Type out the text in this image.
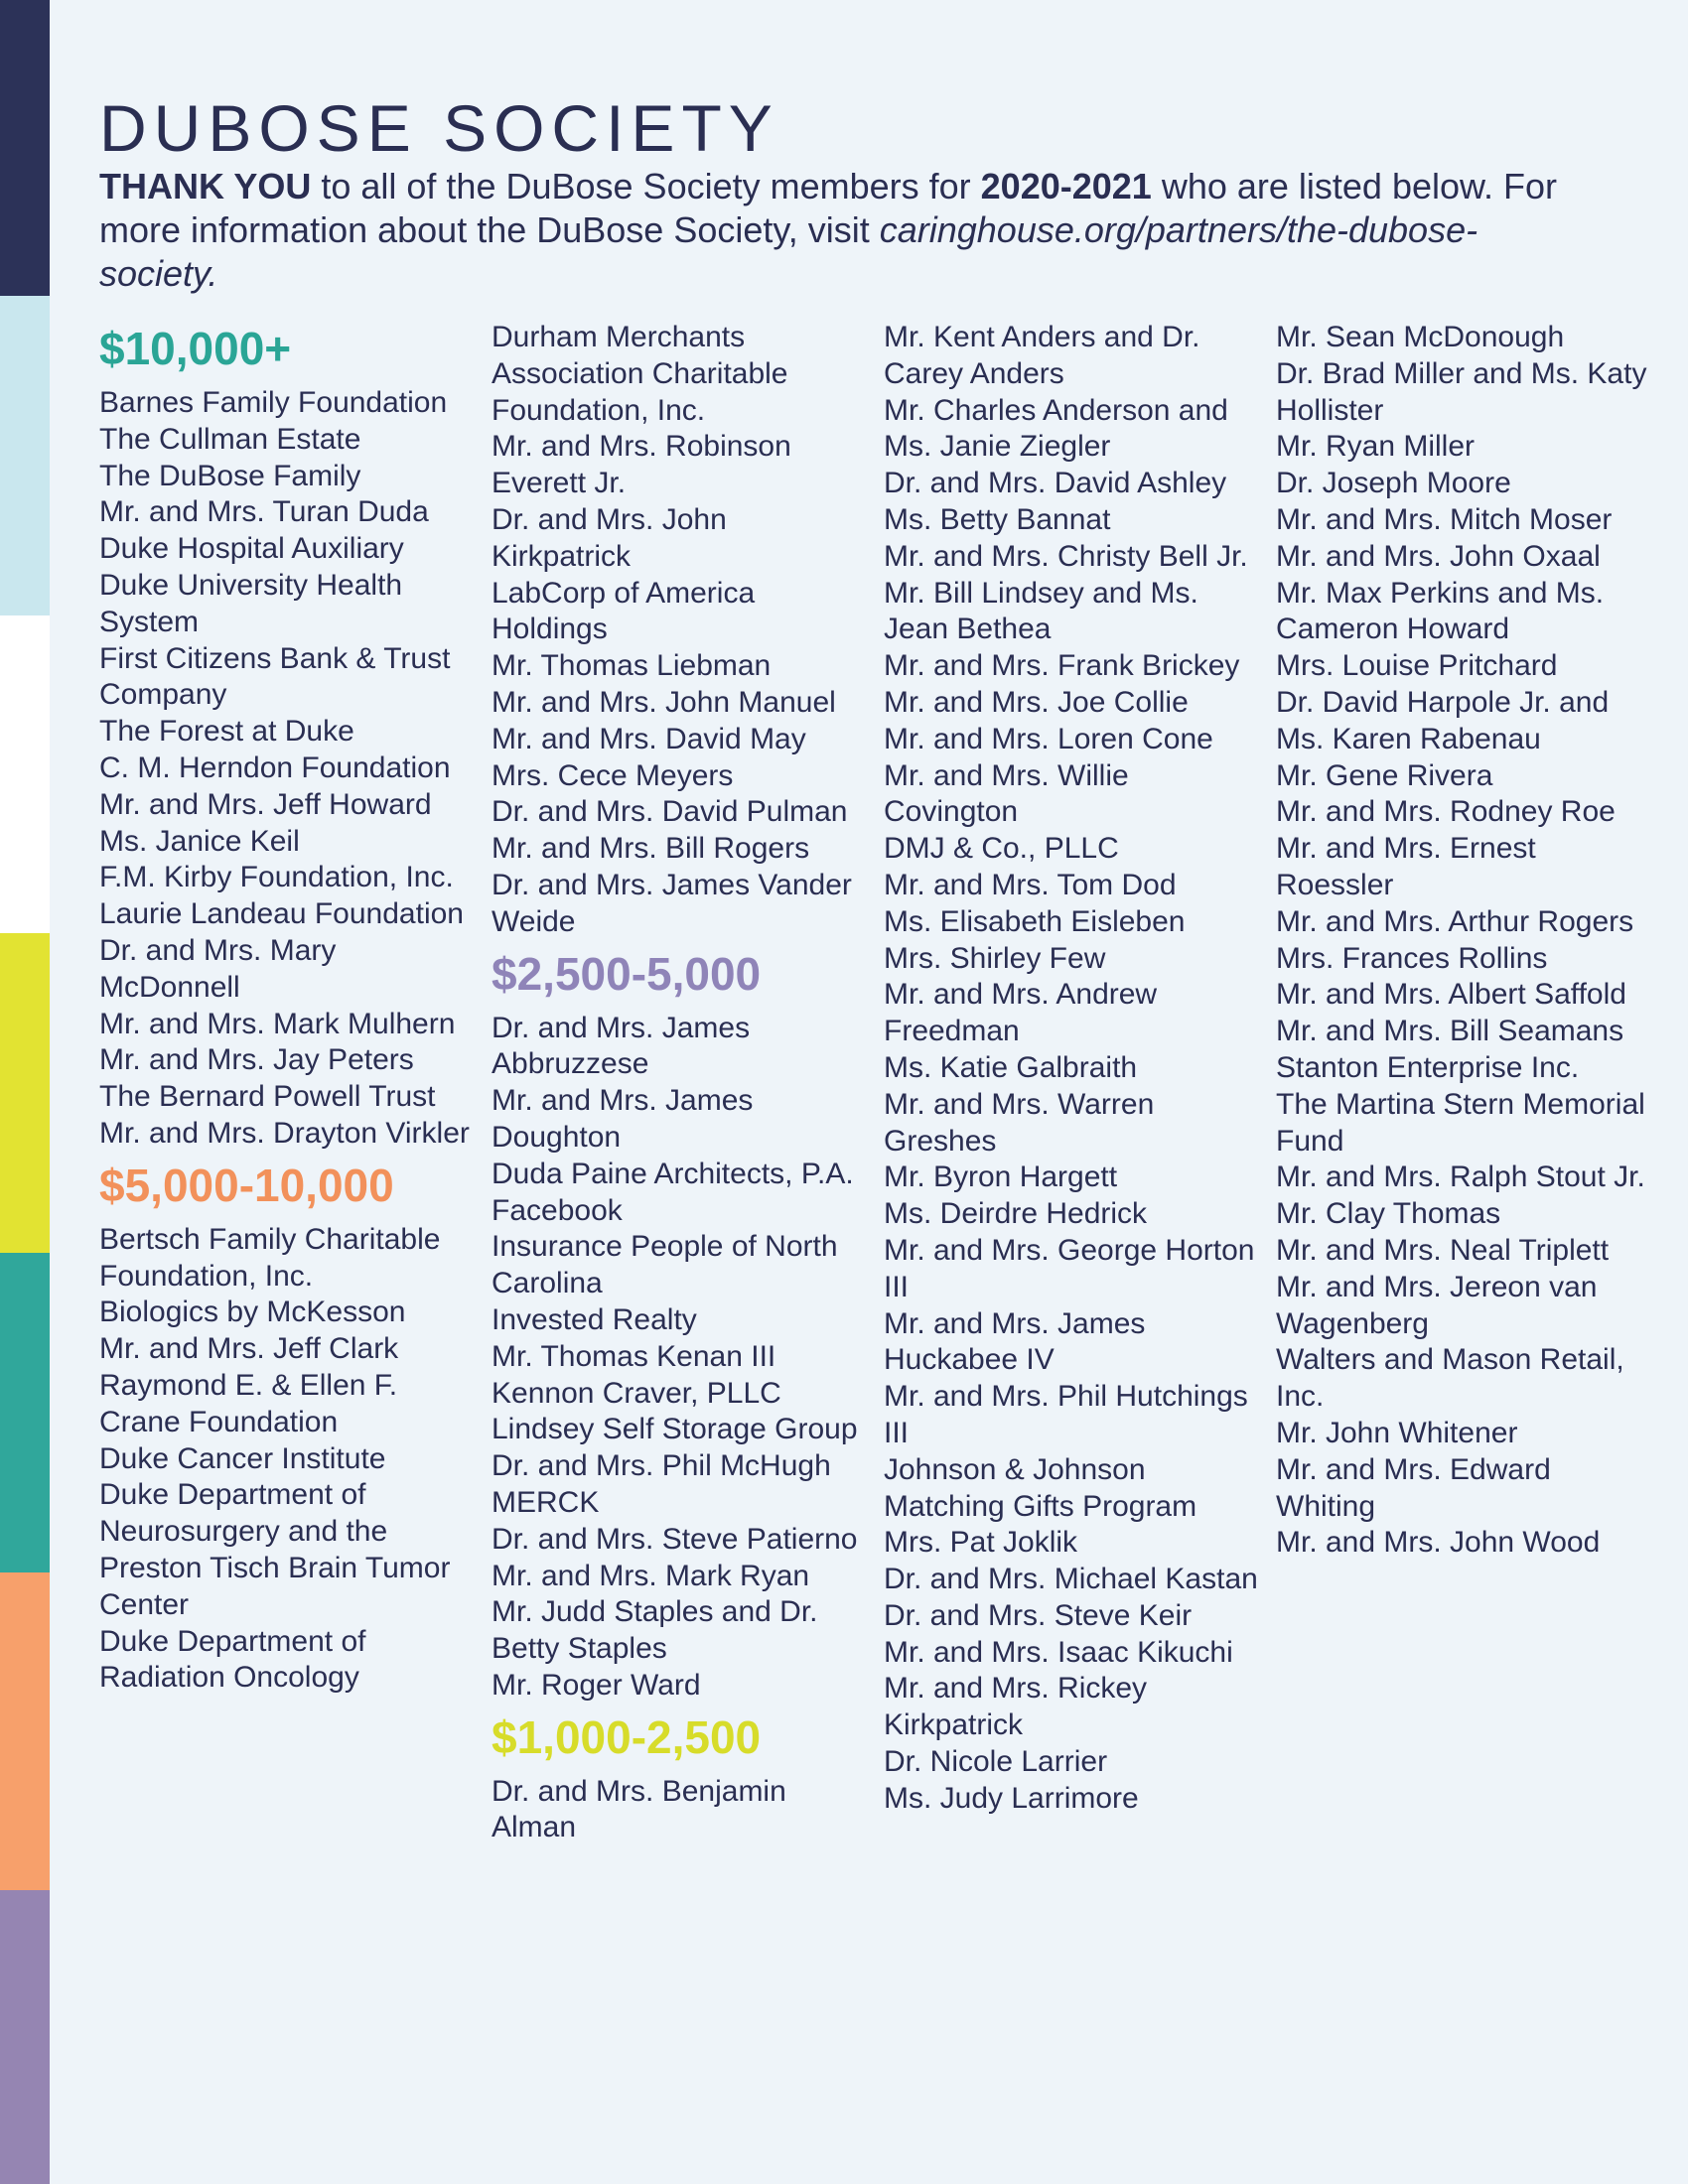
DUBOSE SOCIETY
THANK YOU to all of the DuBose Society members for 2020-2021 who are listed below. For more information about the DuBose Society, visit caringhouse.org/partners/the-dubose-society.
$10,000+
Barnes Family Foundation
The Cullman Estate
The DuBose Family
Mr. and Mrs. Turan Duda
Duke Hospital Auxiliary
Duke University Health System
First Citizens Bank & Trust Company
The Forest at Duke
C. M. Herndon Foundation
Mr. and Mrs. Jeff Howard
Ms. Janice Keil
F.M. Kirby Foundation, Inc.
Laurie Landeau Foundation
Dr. and Mrs. Mary McDonnell
Mr. and Mrs. Mark Mulhern
Mr. and Mrs. Jay Peters
The Bernard Powell Trust
Mr. and Mrs. Drayton Virkler
$5,000-10,000
Bertsch Family Charitable Foundation, Inc.
Biologics by McKesson
Mr. and Mrs. Jeff Clark
Raymond E. & Ellen F. Crane Foundation
Duke Cancer Institute
Duke Department of Neurosurgery and the Preston Tisch Brain Tumor Center
Duke Department of Radiation Oncology
Durham Merchants Association Charitable Foundation, Inc.
Mr. and Mrs. Robinson Everett Jr.
Dr. and Mrs. John Kirkpatrick
LabCorp of America Holdings
Mr. Thomas Liebman
Mr. and Mrs. John Manuel
Mr. and Mrs. David May
Mrs. Cece Meyers
Dr. and Mrs. David Pulman
Mr. and Mrs. Bill Rogers
Dr. and Mrs. James Vander Weide
$2,500-5,000
Dr. and Mrs. James Abbruzzese
Mr. and Mrs. James Doughton
Duda Paine Architects, P.A.
Facebook
Insurance People of North Carolina
Invested Realty
Mr. Thomas Kenan III
Kennon Craver, PLLC
Lindsey Self Storage Group
Dr. and Mrs. Phil McHugh
MERCK
Dr. and Mrs. Steve Patierno
Mr. and Mrs. Mark Ryan
Mr. Judd Staples and Dr. Betty Staples
Mr. Roger Ward
$1,000-2,500
Dr. and Mrs. Benjamin Alman
Mr. Kent Anders and Dr. Carey Anders
Mr. Charles Anderson and Ms. Janie Ziegler
Dr. and Mrs. David Ashley
Ms. Betty Bannat
Mr. and Mrs. Christy Bell Jr.
Mr. Bill Lindsey and Ms. Jean Bethea
Mr. and Mrs. Frank Brickey
Mr. and Mrs. Joe Collie
Mr. and Mrs. Loren Cone
Mr. and Mrs. Willie Covington
DMJ & Co., PLLC
Mr. and Mrs. Tom Dod
Ms. Elisabeth Eisleben
Mrs. Shirley Few
Mr. and Mrs. Andrew Freedman
Ms. Katie Galbraith
Mr. and Mrs. Warren Greshes
Mr. Byron Hargett
Ms. Deirdre Hedrick
Mr. and Mrs. George Horton III
Mr. and Mrs. James Huckabee IV
Mr. and Mrs. Phil Hutchings III
Johnson & Johnson Matching Gifts Program
Mrs. Pat Joklik
Dr. and Mrs. Michael Kastan
Dr. and Mrs. Steve Keir
Mr. and Mrs. Isaac Kikuchi
Mr. and Mrs. Rickey Kirkpatrick
Dr. Nicole Larrier
Ms. Judy Larrimore
Mr. Sean McDonough
Dr. Brad Miller and Ms. Katy Hollister
Mr. Ryan Miller
Dr. Joseph Moore
Mr. and Mrs. Mitch Moser
Mr. and Mrs. John Oxaal
Mr. Max Perkins and Ms. Cameron Howard
Mrs. Louise Pritchard
Dr. David Harpole Jr. and Ms. Karen Rabenau
Mr. Gene Rivera
Mr. and Mrs. Rodney Roe
Mr. and Mrs. Ernest Roessler
Mr. and Mrs. Arthur Rogers
Mrs. Frances Rollins
Mr. and Mrs. Albert Saffold
Mr. and Mrs. Bill Seamans
Stanton Enterprise Inc.
The Martina Stern Memorial Fund
Mr. and Mrs. Ralph Stout Jr.
Mr. Clay Thomas
Mr. and Mrs. Neal Triplett
Mr. and Mrs. Jereon van Wagenberg
Walters and Mason Retail, Inc.
Mr. John Whitener
Mr. and Mrs. Edward Whiting
Mr. and Mrs. John Wood
